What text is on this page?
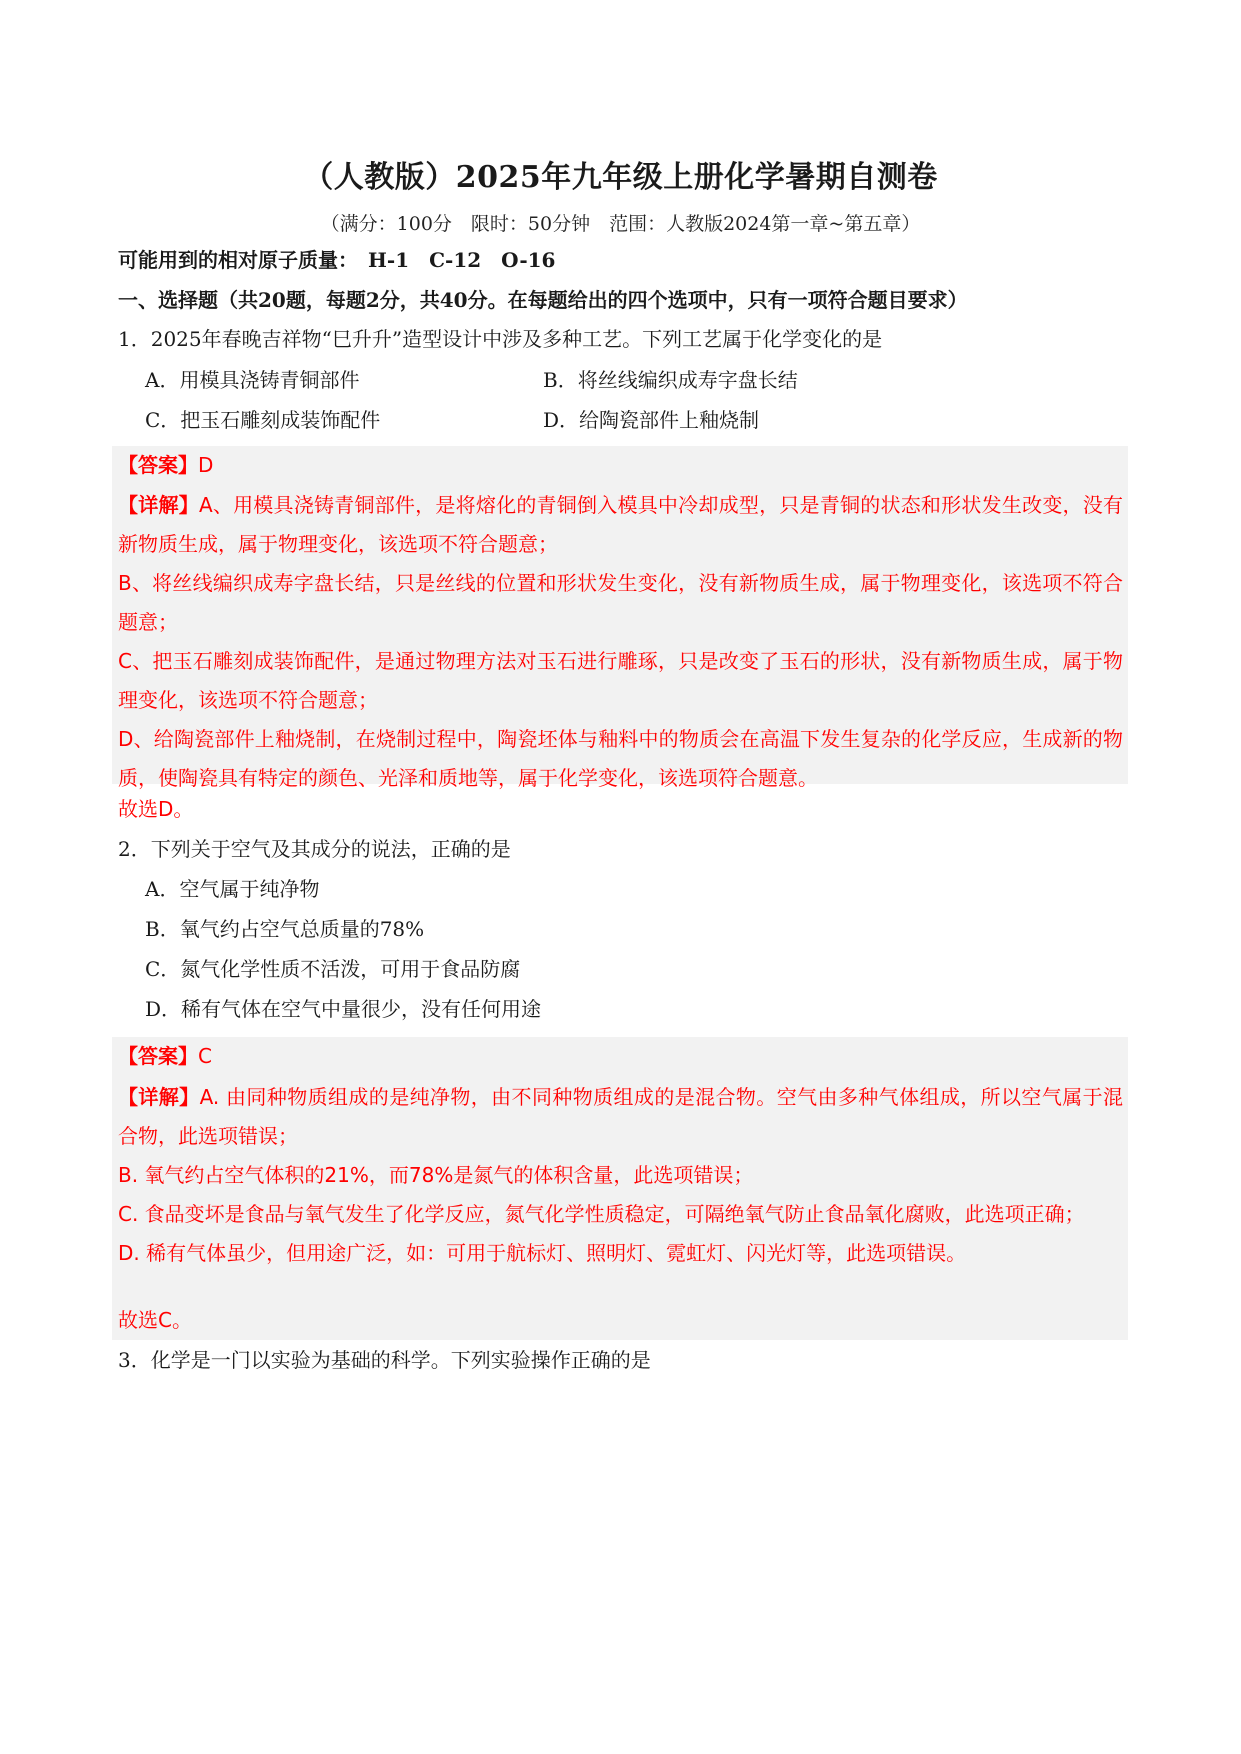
（人教版）2025年九年级上册化学暑期自测卷
（满分：100分　限时：50分钟　范围：人教版2024第一章~第五章）
可能用到的相对原子质量：　H-1　C-12　O-16
一、选择题（共20题，每题2分，共40分。在每题给出的四个选项中，只有一项符合题目要求）
1．2025年春晚吉祥物“巳升升”造型设计中涉及多种工艺。下列工艺属于化学变化的是
A．用模具浇铸青铜部件	B．将丝线编织成寿字盘长结
C．把玉石雕刻成装饰配件	D．给陶瓷部件上釉烧制
【答案】D

【详解】A、用模具浇铸青铜部件，是将熔化的青铜倒入模具中冷却成型，只是青铜的状态和形状发生改变，没有新物质生成，属于物理变化，该选项不符合题意；

B、将丝线编织成寿字盘长结，只是丝线的位置和形状发生变化，没有新物质生成，属于物理变化，该选项不符合题意；

C、把玉石雕刻成装饰配件，是通过物理方法对玉石进行雕琢，只是改变了玉石的形状，没有新物质生成，属于物理变化，该选项不符合题意；

D、给陶瓷部件上釉烧制，在烧制过程中，陶瓷坯体与釉料中的物质会在高温下发生复杂的化学反应，生成新的物质，使陶瓷具有特定的颜色、光泽和质地等，属于化学变化，该选项符合题意。

故选D。
2．下列关于空气及其成分的说法，正确的是
A．空气属于纯净物
B．氧气约占空气总质量的78%
C．氮气化学性质不活泼，可用于食品防腐
D．稀有气体在空气中量很少，没有任何用途
【答案】C

【详解】A. 由同种物质组成的是纯净物，由不同种物质组成的是混合物。空气由多种气体组成，所以空气属于混合物，此选项错误；

B. 氧气约占空气体积的21%，而78%是氮气的体积含量，此选项错误；

C. 食品变坏是食品与氧气发生了化学反应，氮气化学性质稳定，可隔绝氧气防止食品氧化腐败，此选项正确；

D. 稀有气体虽少，但用途广泛，如：可用于航标灯、照明灯、霓虹灯、闪光灯等，此选项错误。

故选C。
3．化学是一门以实验为基础的科学。下列实验操作正确的是
